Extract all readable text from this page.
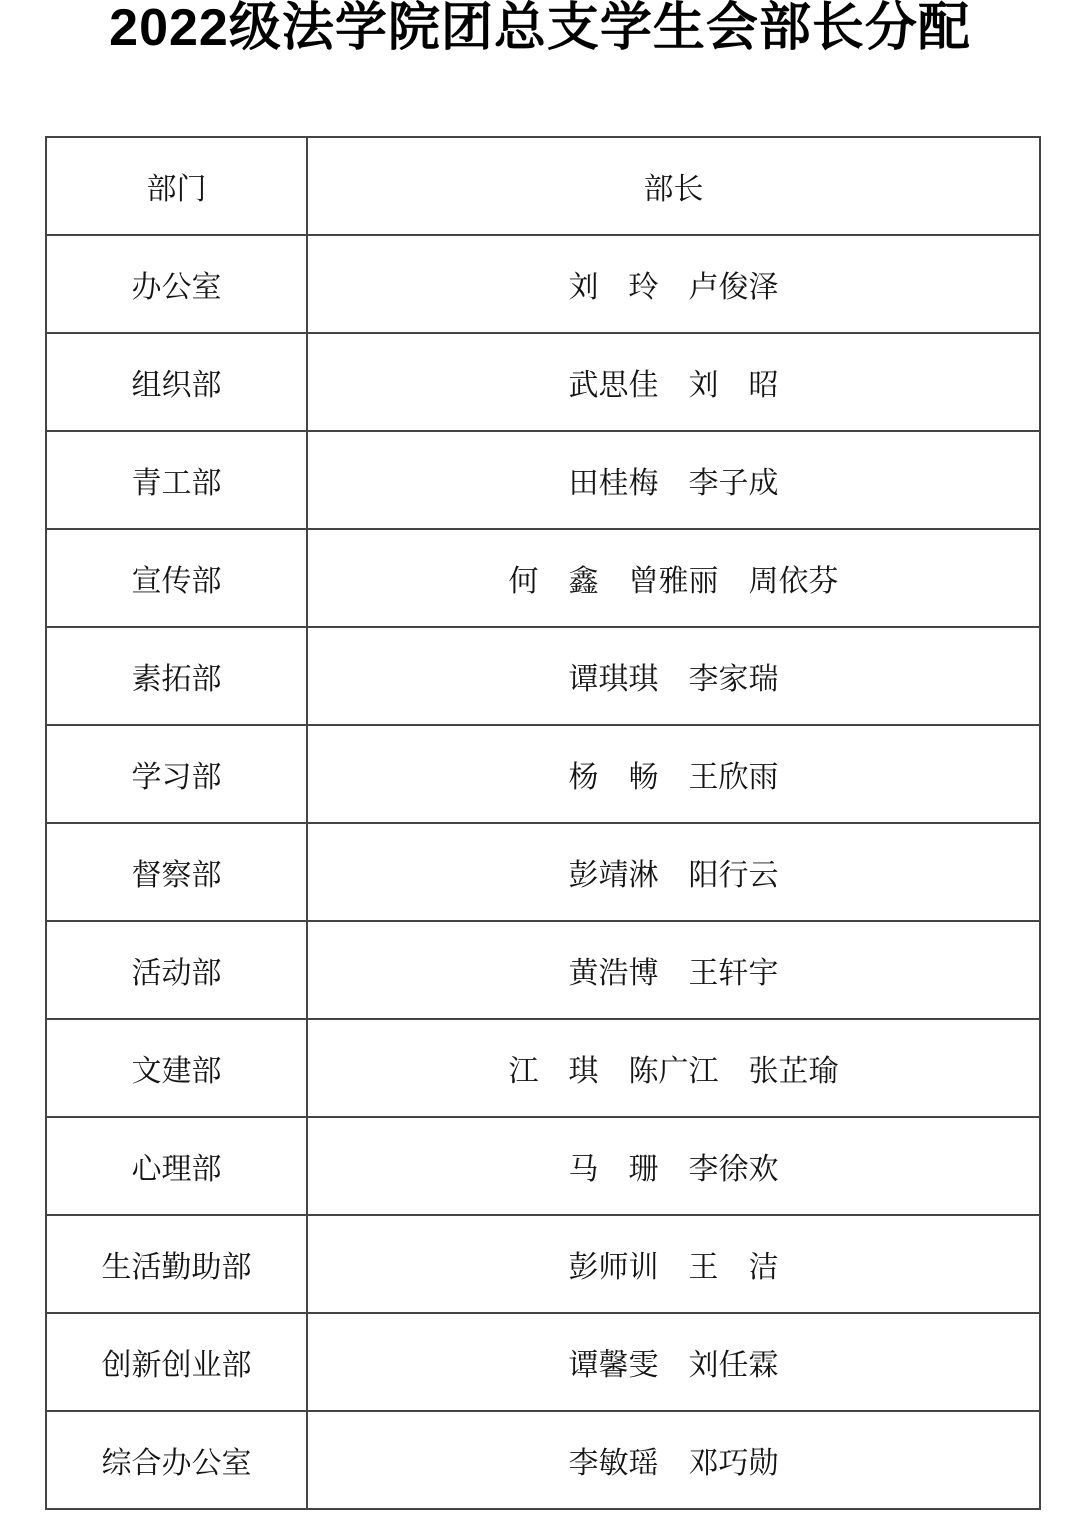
2022级法学院团总支学生会部长分配
部门	部长
办公室	刘　玲　卢俊泽
组织部	武思佳　刘　昭
青工部	田桂梅　李子成
宣传部	何　鑫　曾雅丽　周依芬
素拓部	谭琪琪　李家瑞
学习部	杨　畅　王欣雨
督察部	彭靖淋　阳行云
活动部	黄浩博　王轩宇
文建部	江　琪　陈广江　张芷瑜
心理部	马　珊　李徐欢
生活勤助部	彭师训　王　洁
创新创业部	谭馨雯　刘任霖
综合办公室	李敏瑶　邓巧勋
